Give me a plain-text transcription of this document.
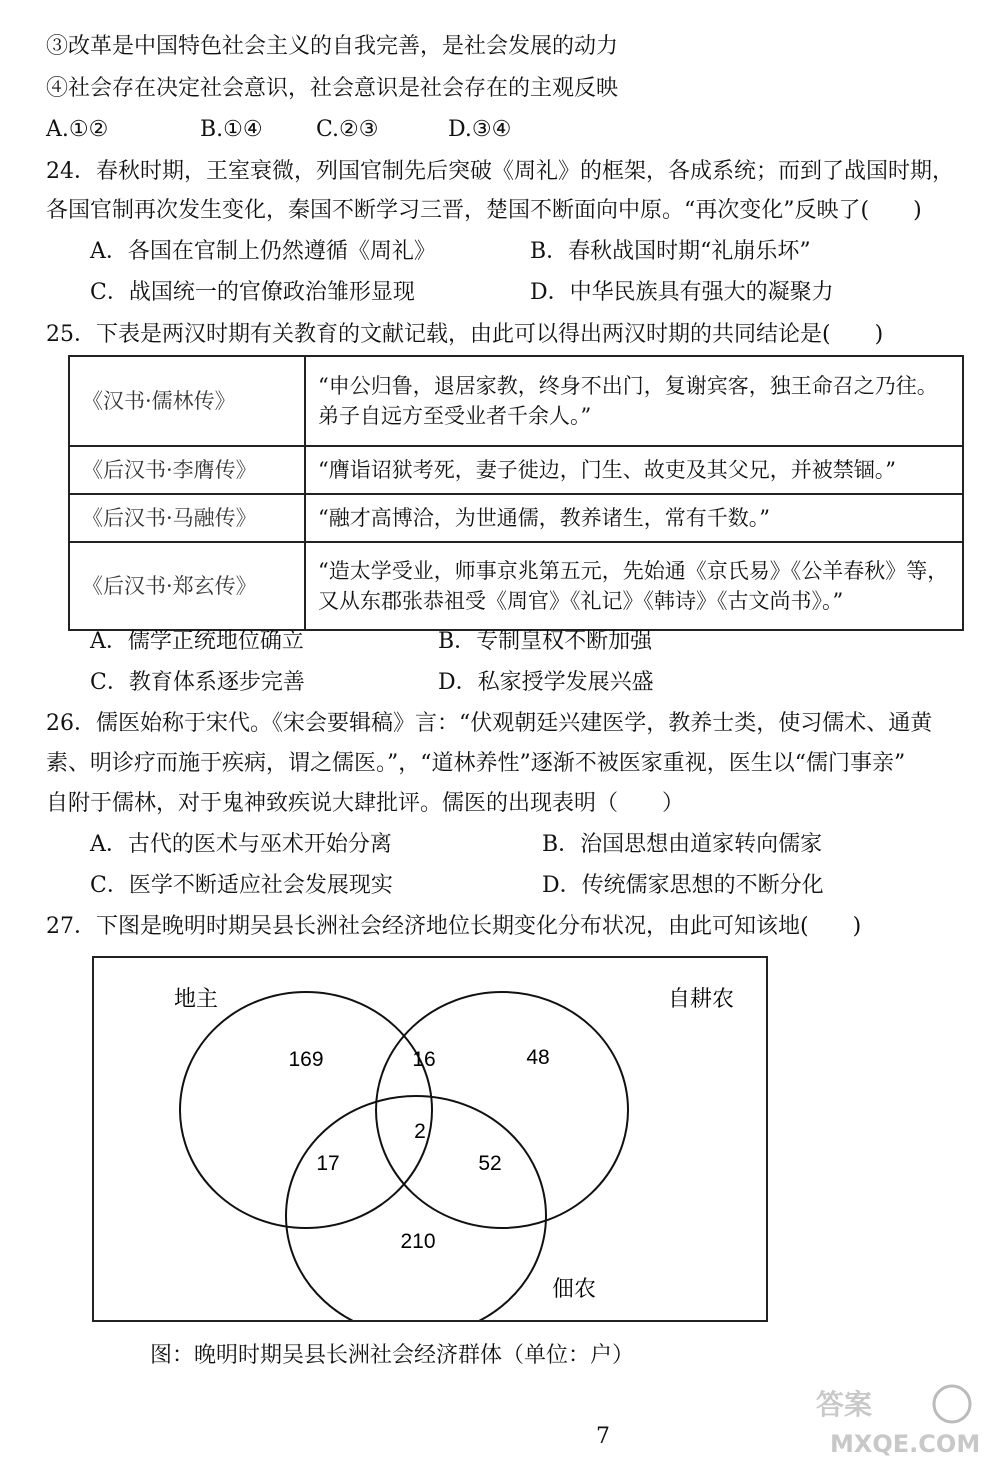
③改革是中国特色社会主义的自我完善，是社会发展的动力
④社会存在决定社会意识，社会意识是社会存在的主观反映
A.①②	B.①④ C.②③	D.③④
24．春秋时期，王室衰微，列国官制先后突破《周礼》的框架，各成系统；而到了战国时期，
各国官制再次发生变化，秦国不断学习三晋，楚国不断面向中原。“再次变化”反映了(　　)
A．各国在官制上仍然遵循《周礼》	B．春秋战国时期“礼崩乐坏”
C．战国统一的官僚政治雏形显现	D．中华民族具有强大的凝聚力
25．下表是两汉时期有关教育的文献记载，由此可以得出两汉时期的共同结论是(　　)
《汉书·儒林传》	“申公归鲁，退居家教，终身不出门，复谢宾客，独王命召之乃往。弟子自远方至受业者千余人。”
《后汉书·李膺传》	“膺诣诏狱考死，妻子徙边，门生、故吏及其父兄，并被禁锢。”
《后汉书·马融传》	“融才高博洽，为世通儒，教养诸生，常有千数。”
《后汉书·郑玄传》	“造太学受业，师事京兆第五元，先始通《京氏易》《公羊春秋》等，又从东郡张恭祖受《周官》《礼记》《韩诗》《古文尚书》。”
A．儒学正统地位确立	B．专制皇权不断加强
C．教育体系逐步完善	D．私家授学发展兴盛
26．儒医始称于宋代。《宋会要辑稿》言：“伏观朝廷兴建医学，教养士类，使习儒术、通黄
素、明诊疗而施于疾病，谓之儒医。”，“道林养性”逐渐不被医家重视，医生以“儒门事亲”
自附于儒林，对于鬼神致疾说大肆批评。儒医的出现表明（　　）
A．古代的医术与巫术开始分离	B．治国思想由道家转向儒家
C．医学不断适应社会发展现实	D．传统儒家思想的不断分化
27．下图是晚明时期吴县长洲社会经济地位长期变化分布状况，由此可知该地(　　)
地主	自耕农
佃农
169	16	48
2
17	52
210
图：晚明时期吴县长洲社会经济群体（单位：户）
7
答案
MXQE.COM
